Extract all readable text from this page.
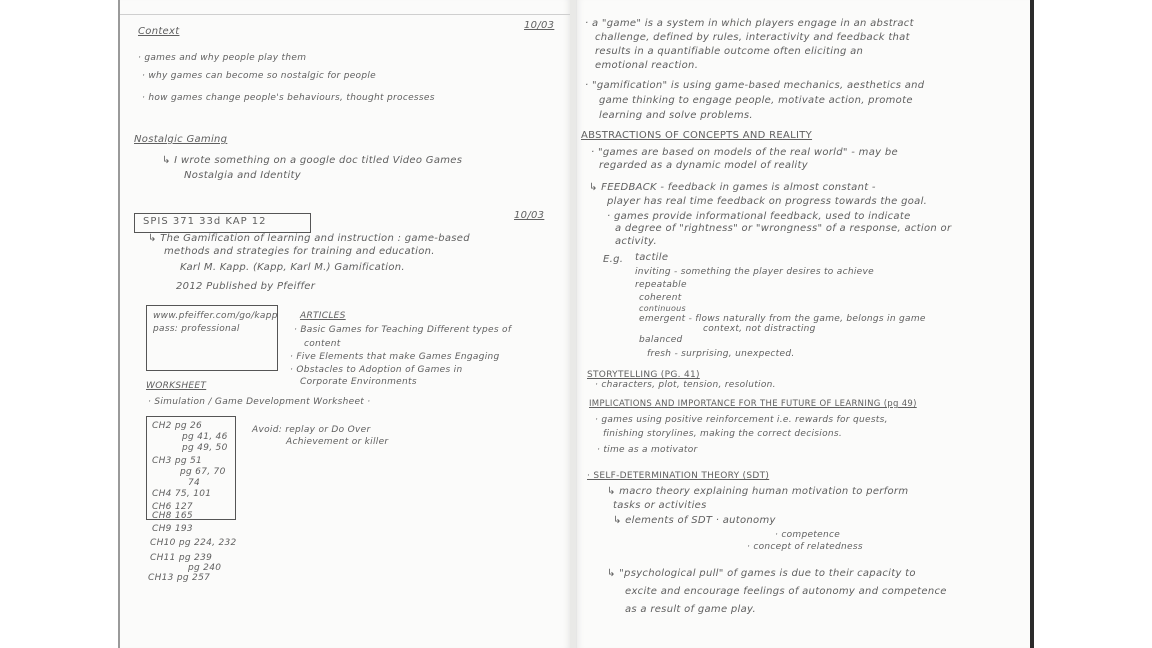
10/03
Context
· games and why people play them
· why games can become so nostalgic for people
· how games change people's behaviours, thought processes
Nostalgic Gaming
↳ I wrote something on a google doc titled Video Games
Nostalgia and Identity
SPIS 371 33d KAP 12
10/03
↳ The Gamification of learning and instruction : game-based
methods and strategies for training and education.
Karl M. Kapp. (Kapp, Karl M.) Gamification.
2012 Published by Pfeiffer
www.pfeiffer.com/go/kapp
pass: professional
ARTICLES
· Basic Games for Teaching Different types of
content
· Five Elements that make Games Engaging
· Obstacles to Adoption of Games in
Corporate Environments
WORKSHEET
· Simulation / Game Development Worksheet ·
CH2 pg 26
pg 41, 46
pg 49, 50
CH3 pg 51
pg 67, 70
74
CH4 75, 101
CH6 127
CH8 165
CH9 193
CH10 pg 224, 232
CH11 pg 239
pg 240
CH13 pg 257
Avoid: replay or Do Over
Achievement or killer
· a "game" is a system in which players engage in an abstract
challenge, defined by rules, interactivity and feedback that
results in a quantifiable outcome often eliciting an
emotional reaction.
· "gamification" is using game-based mechanics, aesthetics and
game thinking to engage people, motivate action, promote
learning and solve problems.
ABSTRACTIONS OF CONCEPTS AND REALITY
· "games are based on models of the real world" - may be
regarded as a dynamic model of reality
↳ FEEDBACK - feedback in games is almost constant -
player has real time feedback on progress towards the goal.
· games provide informational feedback, used to indicate
a degree of "rightness" or "wrongness" of a response, action or
activity.
E.g. tactile
inviting - something the player desires to achieve
repeatable
coherent
continuous
emergent - flows naturally from the game, belongs in game
context, not distracting
balanced
fresh - surprising, unexpected.
STORYTELLING (PG. 41)
· characters, plot, tension, resolution.
IMPLICATIONS AND IMPORTANCE FOR THE FUTURE OF LEARNING (pg 49)
· games using positive reinforcement i.e. rewards for quests,
finishing storylines, making the correct decisions.
· time as a motivator
· SELF-DETERMINATION THEORY (SDT)
↳ macro theory explaining human motivation to perform
tasks or activities
↳ elements of SDT · autonomy
· competence
· concept of relatedness
↳ "psychological pull" of games is due to their capacity to
excite and encourage feelings of autonomy and competence
as a result of game play.
